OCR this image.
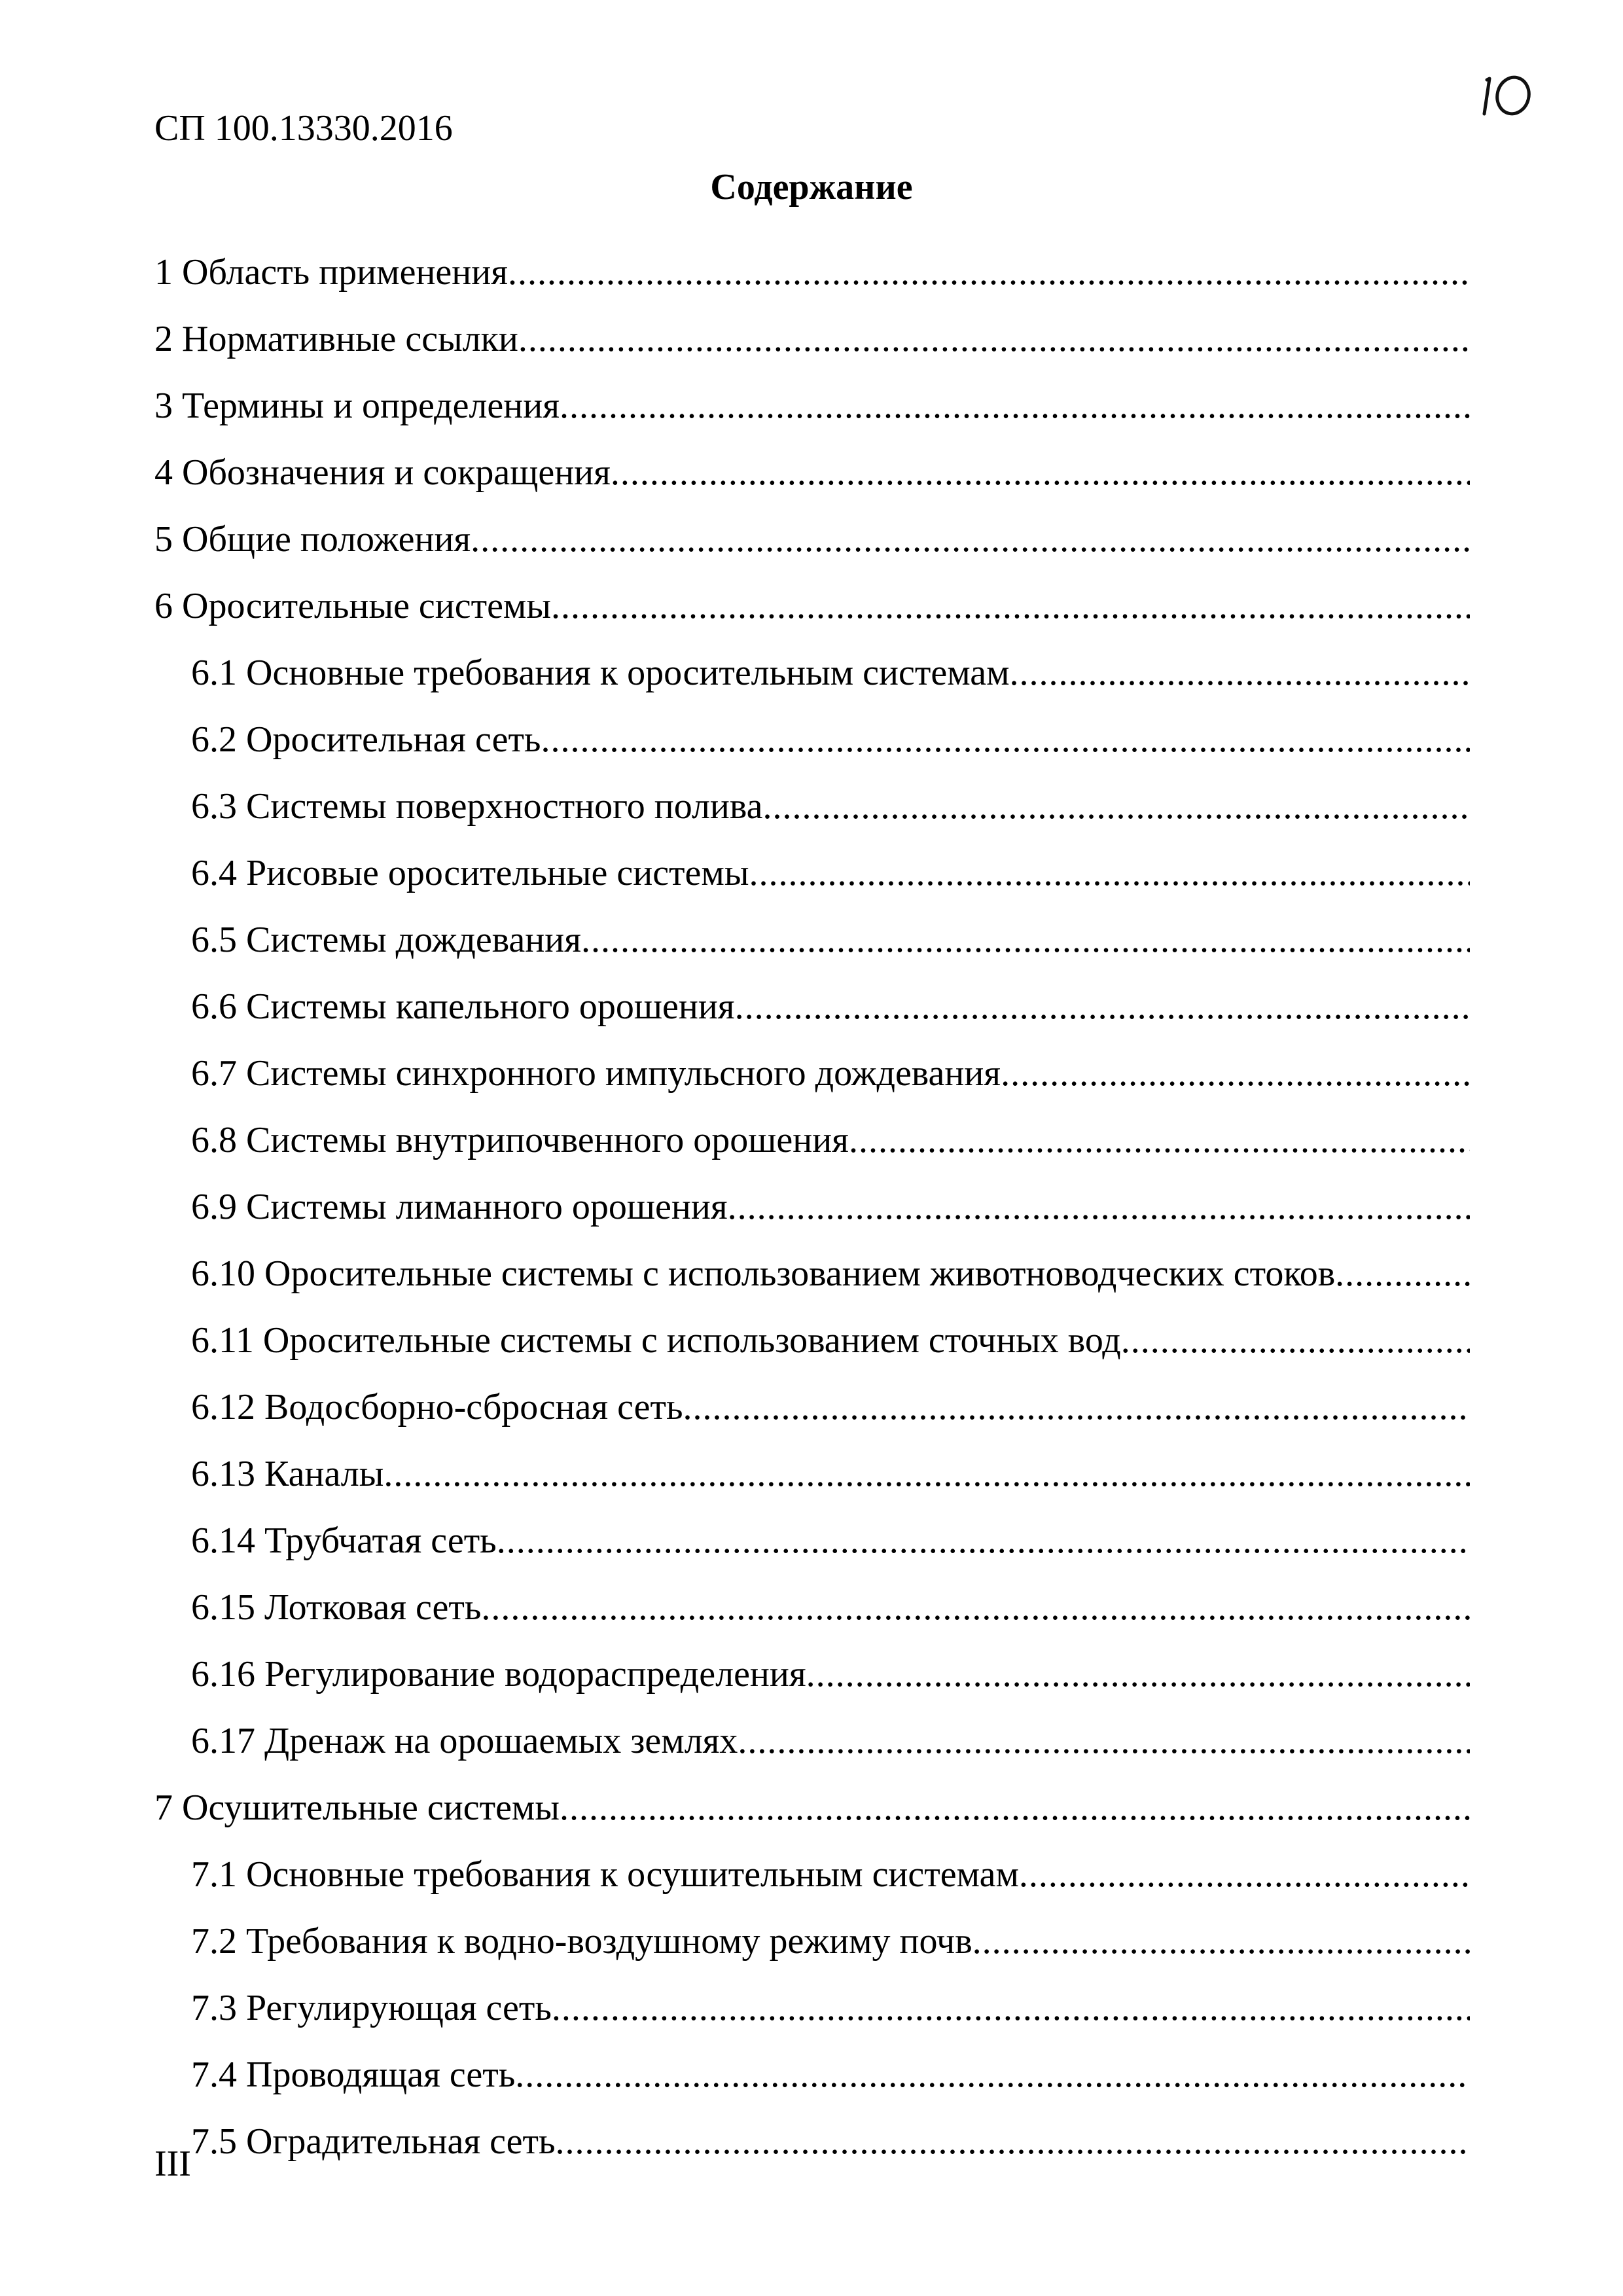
СП 100.13330.2016
Содержание
1 Область применения
.....
2 Нормативные ссылки
.....
3 Термины и определения
.....
4 Обозначения и сокращения
.....
5 Общие положения
.....
6 Оросительные системы
.....
6.1 Основные требования к оросительным системам
.....
6.2 Оросительная сеть
.....
6.3 Системы поверхностного полива
.....
6.4 Рисовые оросительные системы
.....
6.5 Системы дождевания
.....
6.6 Системы капельного орошения
.....
6.7 Системы синхронного импульсного дождевания
.....
6.8 Системы внутрипочвенного орошения
.....
6.9 Системы лиманного орошения
.....
6.10 Оросительные системы с использованием животноводческих стоков
.....
6.11 Оросительные системы с использованием сточных вод
.....
6.12 Водосборно-сбросная сеть
.....
6.13 Каналы
.....
6.14 Трубчатая сеть
.....
6.15 Лотковая сеть
.....
6.16 Регулирование водораспределения
.....
6.17 Дренаж на орошаемых землях
.....
7 Осушительные системы
.....
7.1 Основные требования к осушительным системам
.....
7.2 Требования к водно-воздушному режиму почв
.....
7.3 Регулирующая сеть
.....
7.4 Проводящая сеть
.....
7.5 Оградительная сеть
.....
III
